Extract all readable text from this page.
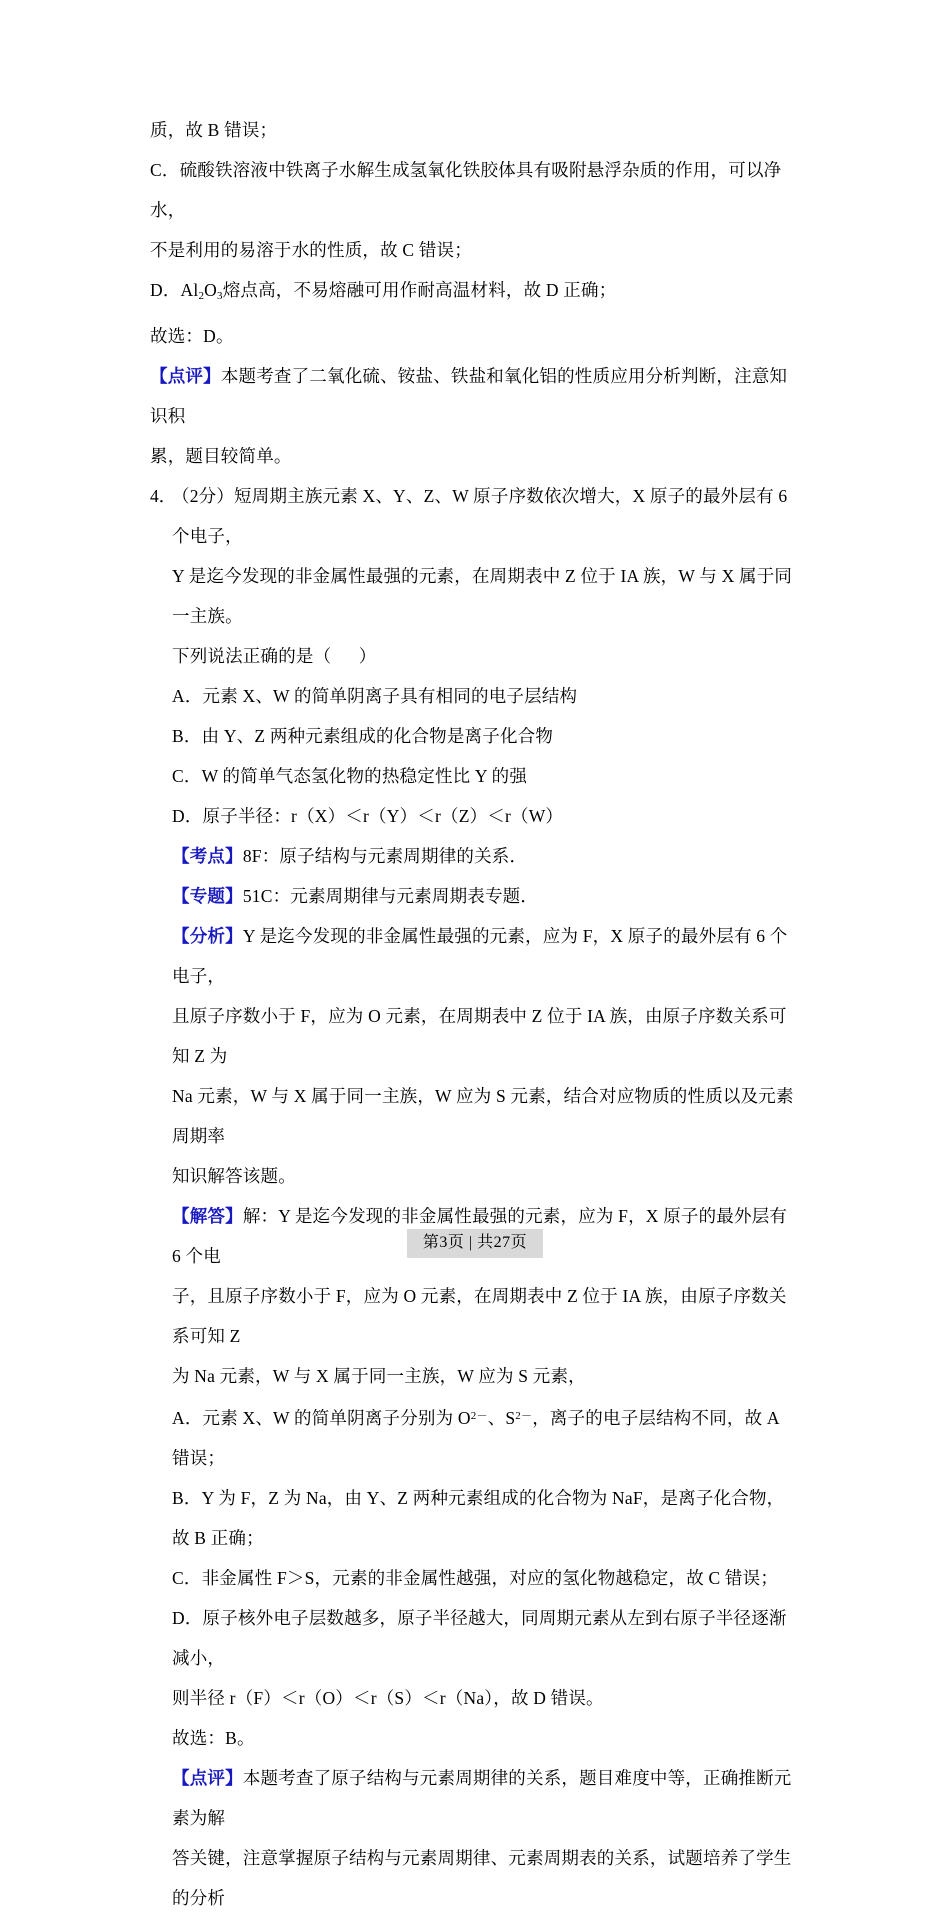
质，故 B 错误；
C．硫酸铁溶液中铁离子水解生成氢氧化铁胶体具有吸附悬浮杂质的作用，可以净水，
不是利用的易溶于水的性质，故 C 错误；
D．$Al_2O_3$熔点高，不易熔融可用作耐高温材料，故 D 正确；
故选：D。
【点评】本题考查了二氧化硫、铵盐、铁盐和氧化铝的性质应用分析判断，注意知识积
累，题目较简单。
4．
（2分）短周期主族元素 X、Y、Z、W 原子序数依次增大，X 原子的最外层有 6 个电子，
Y 是迄今发现的非金属性最强的元素，在周期表中 Z 位于 IA 族，W 与 X 属于同一主族。
下列说法正确的是（      ）
A．元素 X、W 的简单阴离子具有相同的电子层结构
B．由 Y、Z 两种元素组成的化合物是离子化合物
C．W 的简单气态氢化物的热稳定性比 Y 的强
D．原子半径：r（X）＜r（Y）＜r（Z）＜r（W）
【考点】8F：原子结构与元素周期律的关系．
【专题】51C：元素周期律与元素周期表专题．
【分析】Y 是迄今发现的非金属性最强的元素，应为 F，X 原子的最外层有 6 个电子，
且原子序数小于 F，应为 O 元素，在周期表中 Z 位于 IA 族，由原子序数关系可知 Z 为
Na 元素，W 与 X 属于同一主族，W 应为 S 元素，结合对应物质的性质以及元素周期率
知识解答该题。
【解答】解：Y 是迄今发现的非金属性最强的元素，应为 F，X 原子的最外层有 6 个电
子，且原子序数小于 F，应为 O 元素，在周期表中 Z 位于 IA 族，由原子序数关系可知 Z
为 Na 元素，W 与 X 属于同一主族，W 应为 S 元素，
A．元素 X、W 的简单阴离子分别为 $O^{2-}$、$S^{2-}$，离子的电子层结构不同，故 A 错误；
B．Y 为 F，Z 为 Na，由 Y、Z 两种元素组成的化合物为 NaF，是离子化合物，故 B 正确；
C．非金属性 F＞S，元素的非金属性越强，对应的氢化物越稳定，故 C 错误；
D．原子核外电子层数越多，原子半径越大，同周期元素从左到右原子半径逐渐减小，
则半径 r（F）＜r（O）＜r（S）＜r（Na），故 D 错误。
故选：B。
【点评】本题考查了原子结构与元素周期律的关系，题目难度中等，正确推断元素为解
答关键，注意掌握原子结构与元素周期律、元素周期表的关系，试题培养了学生的分析
第3页 | 共27页
